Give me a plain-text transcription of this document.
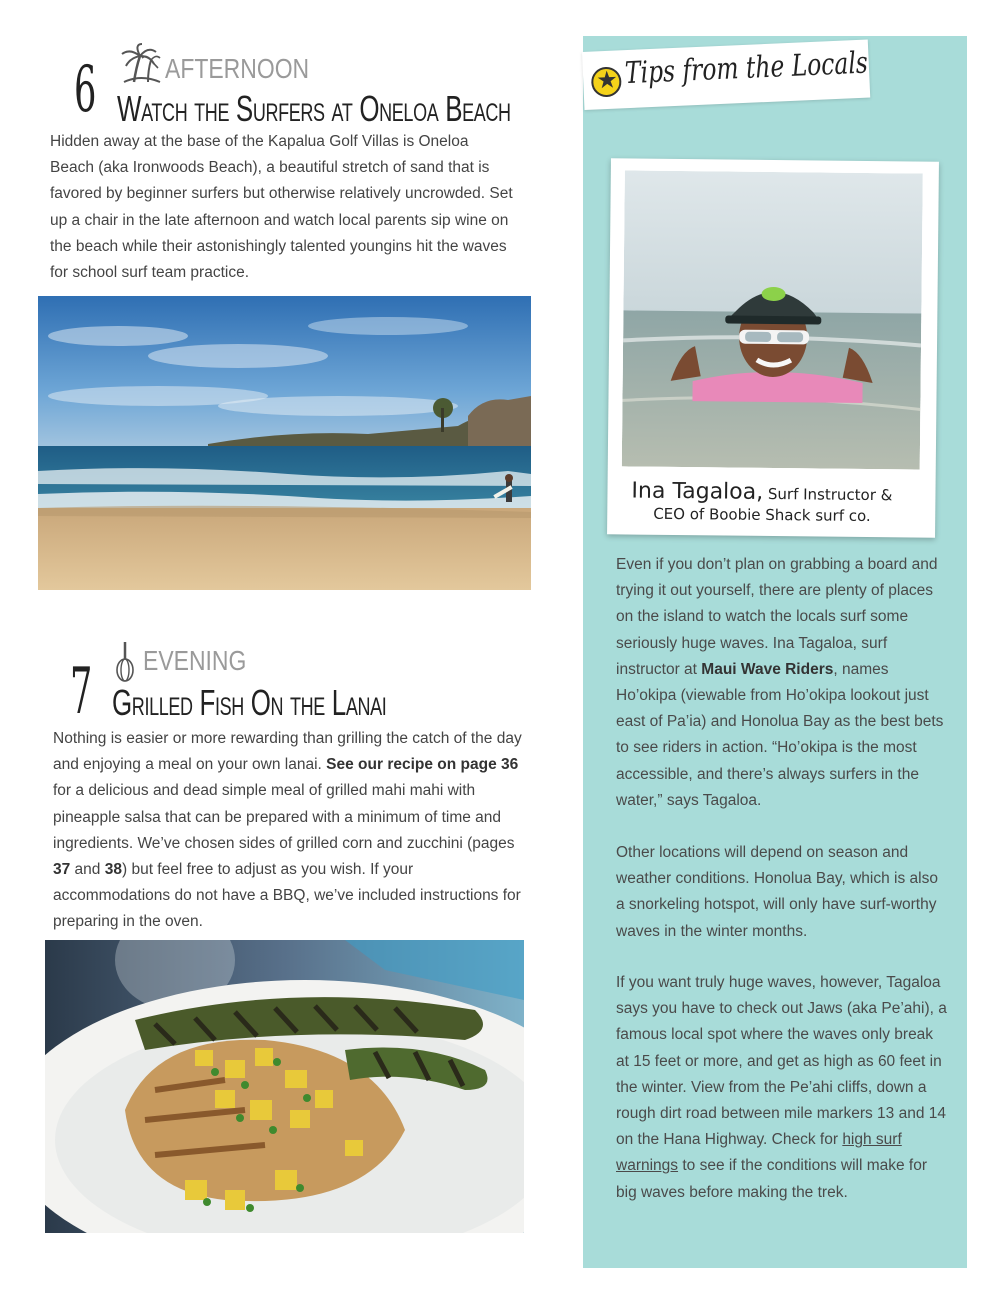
6 AFTERNOON
Watch the Surfers at Oneloa Beach
Hidden away at the base of the Kapalua Golf Villas is Oneloa Beach (aka Ironwoods Beach), a beautiful stretch of sand that is favored by beginner surfers but otherwise relatively uncrowded. Set up a chair in the late afternoon and watch local parents sip wine on the beach while their astonishingly talented youngins hit the waves for school surf team practice.
7 EVENING
Grilled Fish On the Lanai
Nothing is easier or more rewarding than grilling the catch of the day and enjoying a meal on your own lanai. See our recipe on page 36 for a delicious and dead simple meal of grilled mahi mahi with pineapple salsa that can be prepared with a minimum of time and ingredients. We’ve chosen sides of grilled corn and zucchini (pages 37 and 38) but feel free to adjust as you wish. If your accommodations do not have a BBQ, we’ve included instructions for preparing in the oven.
★ Tips from the Locals
Ina Tagaloa, Surf Instructor &
CEO of Boobie Shack surf co.
Even if you don’t plan on grabbing a board and trying it out yourself, there are plenty of places on the island to watch the locals surf some seriously huge waves. Ina Tagaloa, surf instructor at Maui Wave Riders, names Ho’okipa (viewable from Ho’okipa lookout just east of Pa’ia) and Honolua Bay as the best bets to see riders in action. “Ho’okipa is the most accessible, and there’s always surfers in the water,” says Tagaloa.
Other locations will depend on season and weather conditions. Honolua Bay, which is also a snorkeling hotspot, will only have surf-worthy waves in the winter months.
If you want truly huge waves, however, Tagaloa says you have to check out Jaws (aka Pe’ahi), a famous local spot where the waves only break at 15 feet or more, and get as high as 60 feet in the winter. View from the Pe’ahi cliffs, down a rough dirt road between mile markers 13 and 14 on the Hana Highway. Check for high surf warnings to see if the conditions will make for big waves before making the trek.
